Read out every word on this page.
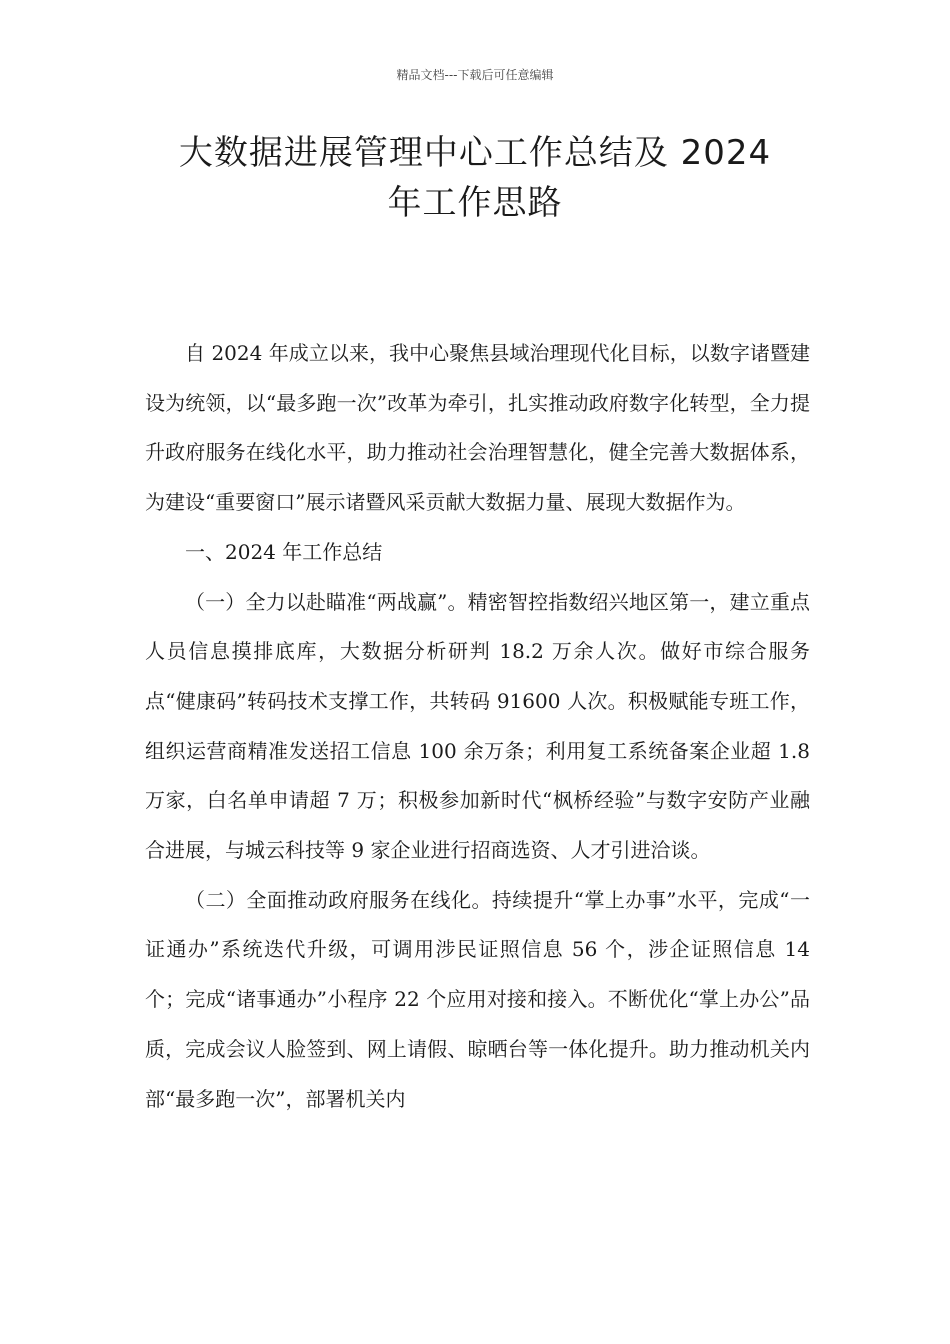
精品文档---下载后可任意编辑
大数据进展管理中心工作总结及 2024
年工作思路

自 2024 年成立以来，我中心聚焦县域治理现代化目标，以数字诸暨建设为统领，以“最多跑一次”改革为牵引，扎实推动政府数字化转型，全力提升政府服务在线化水平，助力推动社会治理智慧化，健全完善大数据体系，为建设“重要窗口”展示诸暨风采贡献大数据力量、展现大数据作为。

一、2024 年工作总结

（一）全力以赴瞄准“两战赢”。精密智控指数绍兴地区第一，建立重点人员信息摸排底库，大数据分析研判 18.2 万余人次。做好市综合服务点“健康码”转码技术支撑工作，共转码 91600 人次。积极赋能专班工作，组织运营商精准发送招工信息 100 余万条；利用复工系统备案企业超 1.8 万家，白名单申请超 7 万；积极参加新时代“枫桥经验”与数字安防产业融合进展，与城云科技等 9 家企业进行招商选资、人才引进洽谈。

（二）全面推动政府服务在线化。持续提升“掌上办事”水平，完成“一证通办”系统迭代升级，可调用涉民证照信息 56 个，涉企证照信息 14 个；完成“诸事通办”小程序 22 个应用对接和接入。不断优化“掌上办公”品质，完成会议人脸签到、网上请假、晾晒台等一体化提升。助力推动机关内部“最多跑一次”，部署机关内
